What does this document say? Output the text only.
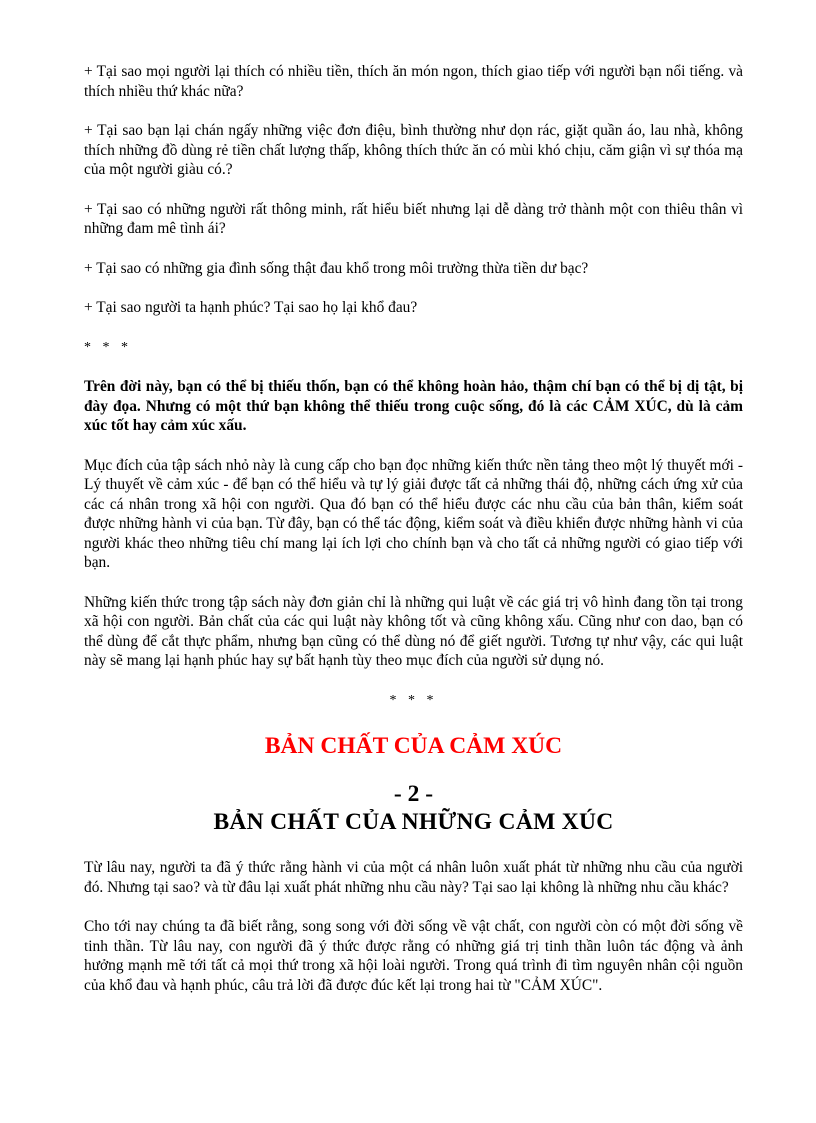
+ Tại sao mọi người lại thích có nhiều tiền, thích ăn món ngon, thích giao tiếp với người bạn nổi tiếng. và thích nhiều thứ khác nữa?

+ Tại sao bạn lại chán ngấy những việc đơn điệu, bình thường như dọn rác, giặt quần áo, lau nhà, không thích những đồ dùng rẻ tiền chất lượng thấp, không thích thức ăn có mùi khó chịu, căm giận vì sự thóa mạ của một người giàu có.?

+ Tại sao có những người rất thông minh, rất hiểu biết nhưng lại dễ dàng trở thành một con thiêu thân vì những đam mê tình ái?

+ Tại sao có những gia đình sống thật đau khổ trong môi trường thừa tiền dư bạc?

+ Tại sao người ta hạnh phúc? Tại sao họ lại khổ đau?

* * *

Trên đời này, bạn có thể bị thiếu thốn, bạn có thể không hoàn hảo, thậm chí bạn có thể bị dị tật, bị đày đọa. Nhưng có một thứ bạn không thể thiếu trong cuộc sống, đó là các CẢM XÚC, dù là cảm xúc tốt hay cảm xúc xấu.

Mục đích của tập sách nhỏ này là cung cấp cho bạn đọc những kiến thức nền tảng theo một lý thuyết mới - Lý thuyết về cảm xúc - để bạn có thể hiểu và tự lý giải được tất cả những thái độ, những cách ứng xử của các cá nhân trong xã hội con người. Qua đó bạn có thể hiểu được các nhu cầu của bản thân, kiểm soát được những hành vi của bạn. Từ đây, bạn có thể tác động, kiểm soát và điều khiển được những hành vi của người khác theo những tiêu chí mang lại ích lợi cho chính bạn và cho tất cả những người có giao tiếp với bạn.

Những kiến thức trong tập sách này đơn giản chỉ là những qui luật về các giá trị vô hình đang tồn tại trong xã hội con người. Bản chất của các qui luật này không tốt và cũng không xấu. Cũng như con dao, bạn có thể dùng để cắt thực phẩm, nhưng bạn cũng có thể dùng nó để giết người. Tương tự như vậy, các qui luật này sẽ mang lại hạnh phúc hay sự bất hạnh tùy theo mục đích của người sử dụng nó.

* * *

BẢN CHẤT CỦA CẢM XÚC
- 2 -
BẢN CHẤT CỦA NHỮNG CẢM XÚC

Từ lâu nay, người ta đã ý thức rằng hành vi của một cá nhân luôn xuất phát từ những nhu cầu của người đó. Nhưng tại sao? và từ đâu lại xuất phát những nhu cầu này? Tại sao lại không là những nhu cầu khác?

Cho tới nay chúng ta đã biết rằng, song song với đời sống về vật chất, con người còn có một đời sống về tinh thần. Từ lâu nay, con người đã ý thức được rằng có những giá trị tinh thần luôn tác động và ảnh hưởng mạnh mẽ tới tất cả mọi thứ trong xã hội loài người. Trong quá trình đi tìm nguyên nhân cội nguồn của khổ đau và hạnh phúc, câu trả lời đã được đúc kết lại trong hai từ "CẢM XÚC".
